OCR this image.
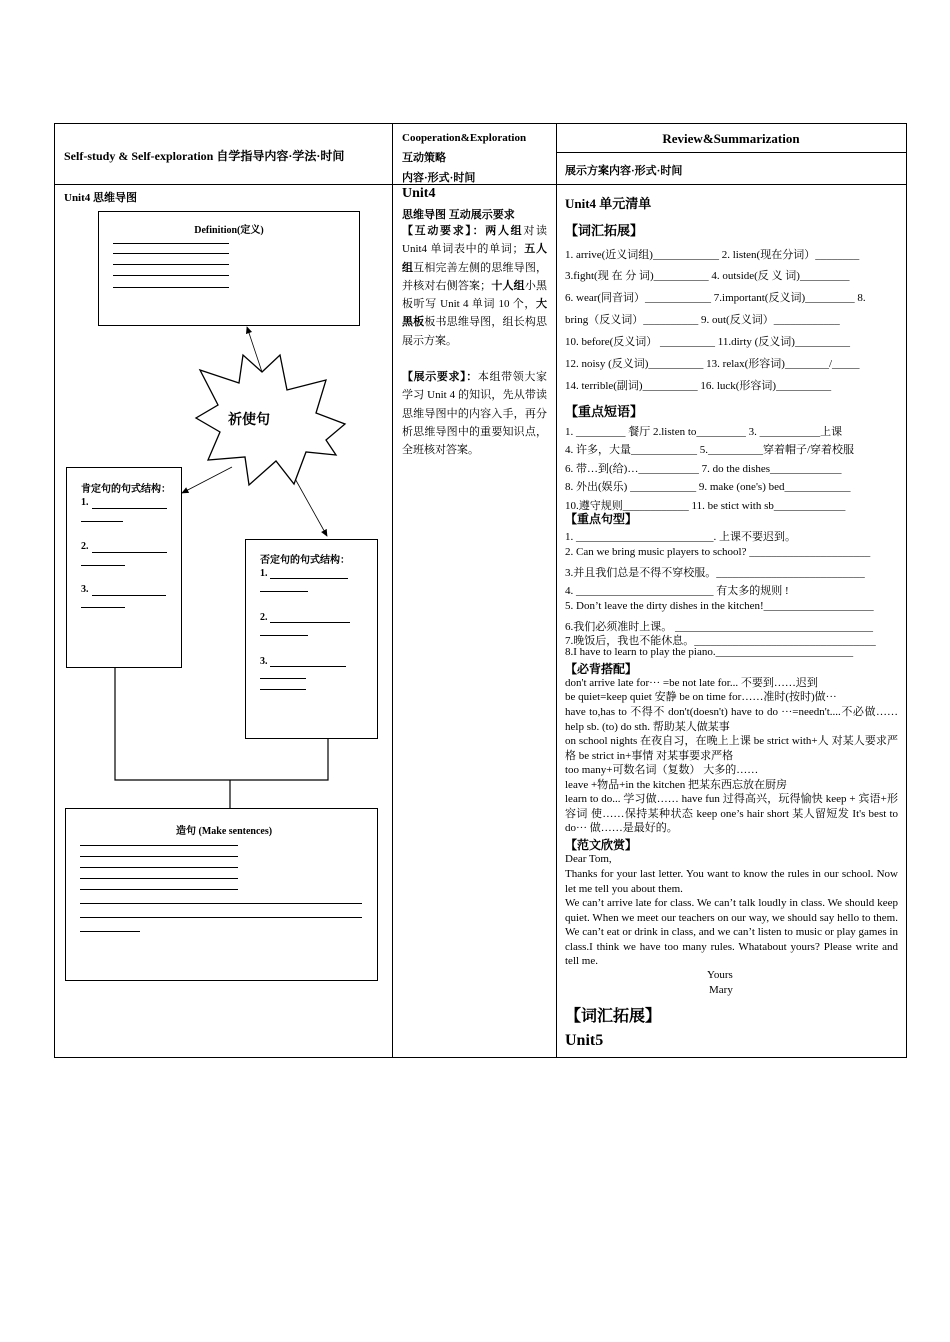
Self-study & Self-exploration 自学指导内容·学法·时间
Cooperation&Exploration
互动策略
内容·形式·时间
Review&Summarization
展示方案内容·形式·时间
Unit4 思维导图
祈使句
Definition(定义)
肯定句的句式结构：
1.
2.
3.
否定句的句式结构：
1.
2.
3.
造句 (Make sentences)
Unit4
思维导图 互动展示要求
【互动要求】：两人组对读Unit4 单词表中的单词；五人组互相完善左侧的思维导图，并核对右侧答案；十人组小黑板听写 Unit 4 单词 10 个，大黑板板书思维导图，组长构思展示方案。
【展示要求】：本组带领大家学习 Unit 4 的知识，先从带读思维导图中的内容入手，再分析思维导图中的重要知识点，全班核对答案。
Unit4 单元清单
【词汇拓展】
1. arrive(近义词组)____________ 2. listen(现在分词）________
3.fight(现 在 分 词)__________ 4. outside(反 义 词)_________
6. wear(同音词）____________ 7.important(反义词)_________ 8.
bring（反义词）__________ 9. out(反义词）____________
10. before(反义词） __________ 11.dirty (反义词)__________
12. noisy (反义词)__________ 13. relax(形容词)________/_____
14. terrible(副词)__________ 16. luck(形容词)__________
【重点短语】
1. _________ 餐厅 2.listen to_________ 3. ___________上课
4. 许多，大量____________ 5.__________穿着帽子/穿着校服
6. 带…到(给)…___________ 7. do the dishes_____________
8. 外出(娱乐) ____________ 9. make (one's) bed____________
10.遵守规则____________ 11. be stict with sb_____________
【重点句型】
1. _________________________. 上课不要迟到。
2. Can we bring music players to school? ______________________
3.并且我们总是不得不穿校服。___________________________
4. _________________________ 有太多的规则 !
5. Don’t leave the dirty dishes in the kitchen!____________________
6.我们必须准时上课。 ____________________________________
7.晚饭后，我也不能休息。_________________________________
8.I have to learn to play the piano._________________________
【必背搭配】
don't arrive late for··· =be not late for... 不要到……迟到
be quiet=keep quiet 安静 be on time for……准时(按时)做···
have to,has to 不得不 don't(doesn't) have to do ···=needn't....不必做…… help sb. (to) do sth. 帮助某人做某事
on school nights 在夜自习，在晚上上课 be strict with+人 对某人要求严格 be strict in+事情 对某事要求严格
too many+可数名词（复数） 大多的……
leave +物品+in the kitchen 把某东西忘放在厨房
learn to do... 学习做…… have fun 过得高兴，玩得愉快 keep + 宾语+形容词 使……保持某种状态 keep one’s hair short 某人留短发 It's best to do··· 做……是最好的。
【范文欣赏】
Dear Tom,
Thanks for your last letter. You want to know the rules in our school. Now let me tell you about them.
We can’t arrive late for class. We can’t talk loudly in class. We should keep quiet. When we meet our teachers on our way, we should say hello to them. We can’t eat or drink in class, and we can’t listen to music or play games in class.I think we have too many rules. Whatabout yours? Please write and tell me.
Yours
Mary
【词汇拓展】
Unit5
